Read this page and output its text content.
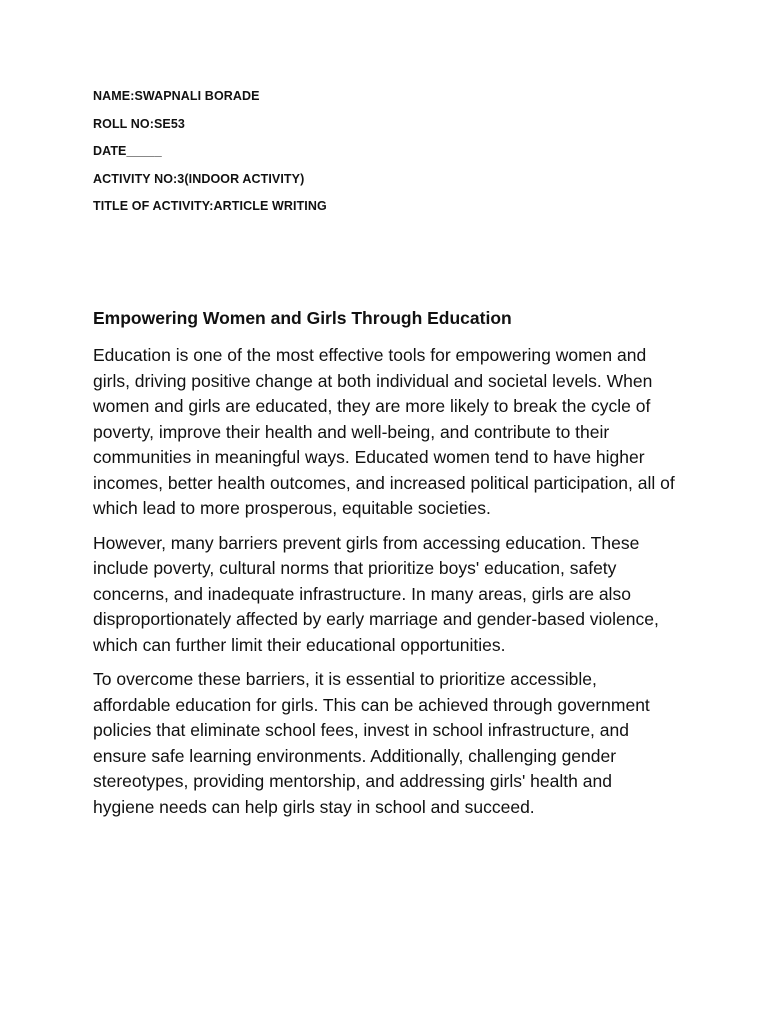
NAME:SWAPNALI BORADE
ROLL NO:SE53
DATE_____
ACTIVITY NO:3(INDOOR ACTIVITY)
TITLE OF ACTIVITY:ARTICLE WRITING
Empowering Women and Girls Through Education

Education is one of the most effective tools for empowering women and girls, driving positive change at both individual and societal levels. When women and girls are educated, they are more likely to break the cycle of poverty, improve their health and well-being, and contribute to their communities in meaningful ways. Educated women tend to have higher incomes, better health outcomes, and increased political participation, all of which lead to more prosperous, equitable societies.

However, many barriers prevent girls from accessing education. These include poverty, cultural norms that prioritize boys' education, safety concerns, and inadequate infrastructure. In many areas, girls are also disproportionately affected by early marriage and gender-based violence, which can further limit their educational opportunities.

To overcome these barriers, it is essential to prioritize accessible, affordable education for girls. This can be achieved through government policies that eliminate school fees, invest in school infrastructure, and ensure safe learning environments. Additionally, challenging gender stereotypes, providing mentorship, and addressing girls' health and hygiene needs can help girls stay in school and succeed.
